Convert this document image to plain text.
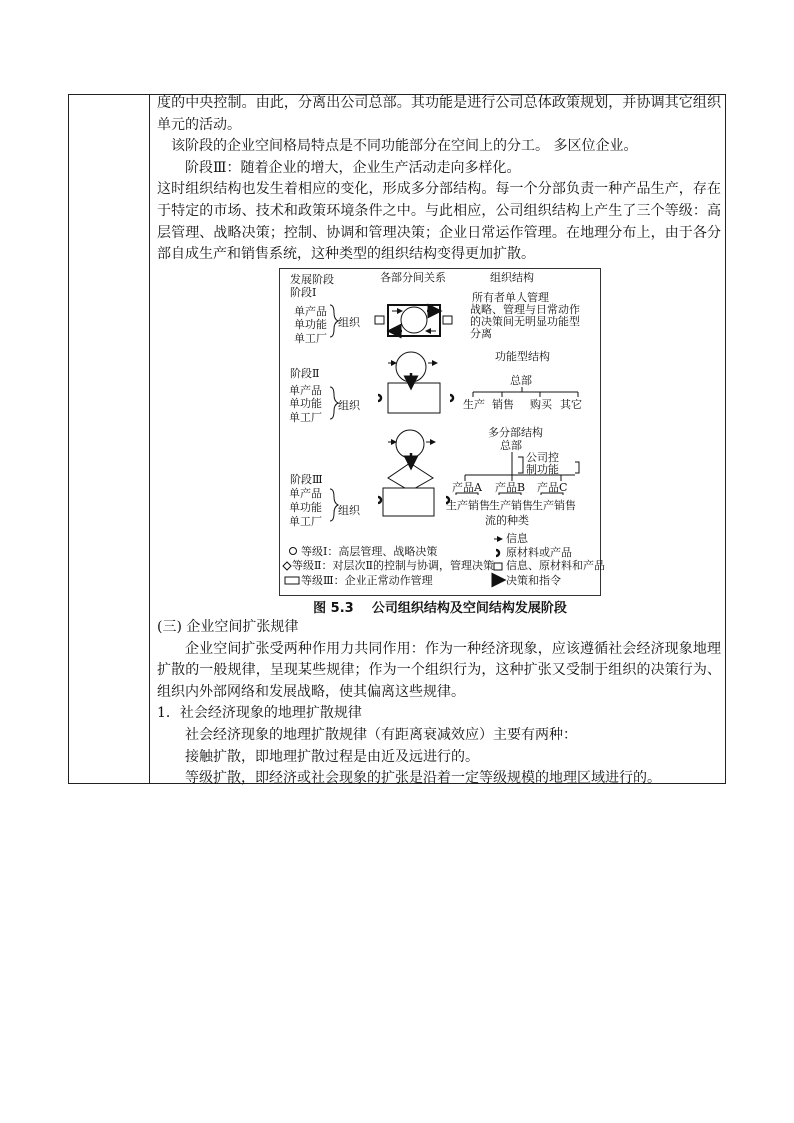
度的中央控制。由此，分离出公司总部。其功能是进行公司总体政策规划，并协调其它组织
单元的活动。
该阶段的企业空间格局特点是不同功能部分在空间上的分工。 多区位企业。
阶段Ⅲ：随着企业的增大，企业生产活动走向多样化。
这时组织结构也发生着相应的变化，形成多分部结构。每一个分部负责一种产品生产，存在
于特定的市场、技术和政策环境条件之中。与此相应，公司组织结构上产生了三个等级：高
层管理、战略决策；控制、协调和管理决策；企业日常运作管理。在地理分布上，由于各分
部自成生产和销售系统，这种类型的组织结构变得更加扩散。
发展阶段	各部分间关系	组织结构
阶段Ⅰ
单产品
单功能
单工厂
组织
所有者单人管理
战略、管理与日常动作
的决策间无明显功能型
分离
阶段Ⅱ
单产品
单功能
单工厂
组织
功能型结构
总部
生产 销售 购买 其它
阶段Ⅲ
单产品
单功能
单工厂
组织
多分部结构
总部
公司控
制功能
产品A 产品B 产品C
生产销售 生产销售 生产销售
流的种类
等级Ⅰ：高层管理、战略决策
等级Ⅱ：对层次Ⅱ的控制与协调，管理决策
等级Ⅲ：企业正常动作管理
信息
原材料或产品
信息、原材料和产品
决策和指令
图 5.3    公司组织结构及空间结构发展阶段
(三) 企业空间扩张规律
企业空间扩张受两种作用力共同作用：作为一种经济现象，应该遵循社会经济现象地理
扩散的一般规律，呈现某些规律；作为一个组织行为，这种扩张又受制于组织的决策行为、
组织内外部网络和发展战略，使其偏离这些规律。
1．社会经济现象的地理扩散规律
社会经济现象的地理扩散规律（有距离衰减效应）主要有两种：
接触扩散，即地理扩散过程是由近及远进行的。
等级扩散，即经济或社会现象的扩张是沿着一定等级规模的地理区域进行的。
